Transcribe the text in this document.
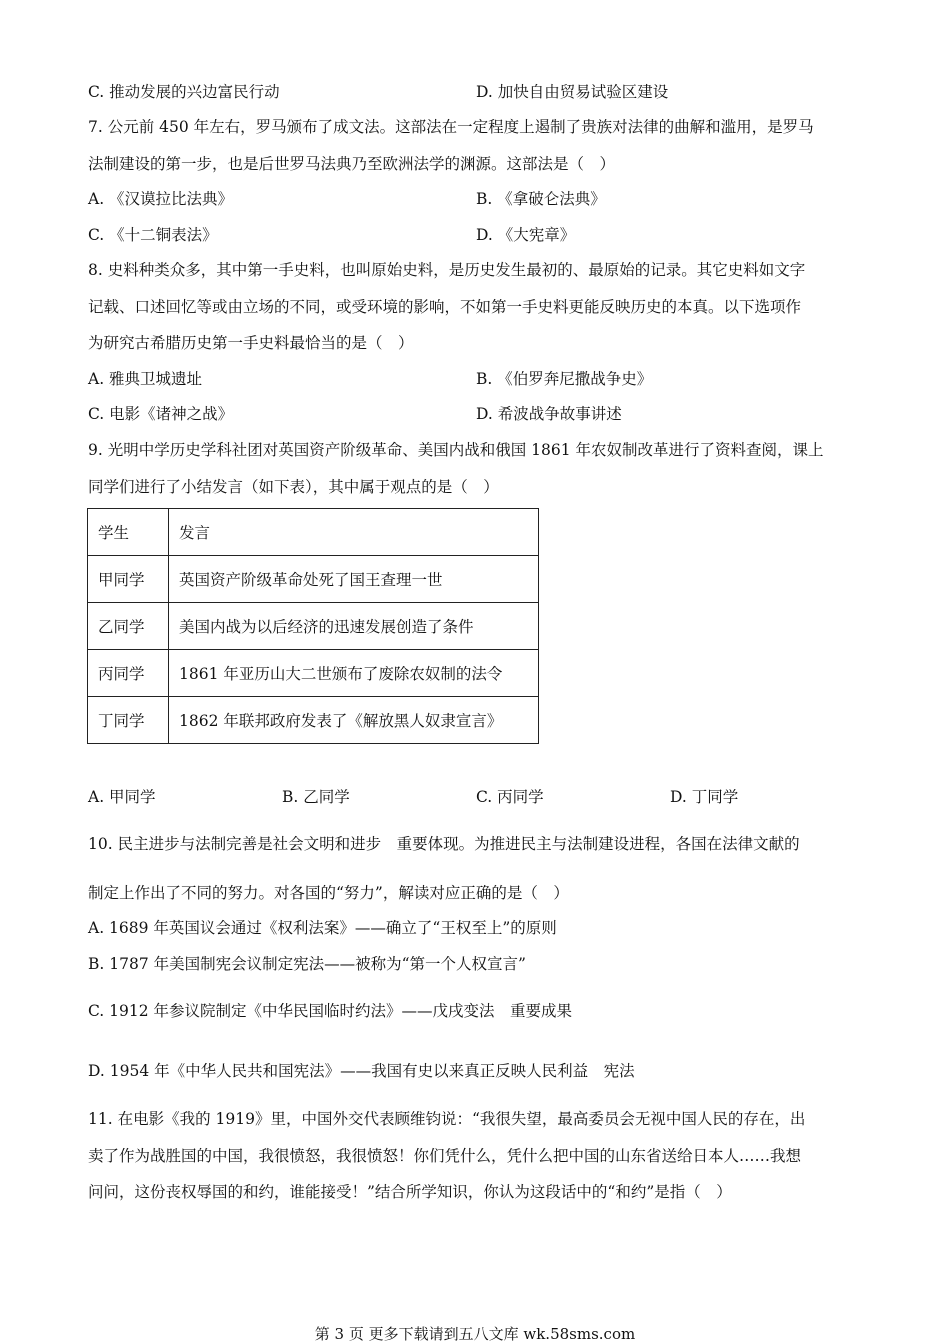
C. 推动发展的兴边富民行动	D. 加快自由贸易试验区建设
7. 公元前 450 年左右，罗马颁布了成文法。这部法在一定程度上遏制了贵族对法律的曲解和滥用，是罗马
法制建设的第一步，也是后世罗马法典乃至欧洲法学的渊源。这部法是（　）
A. 《汉谟拉比法典》	B. 《拿破仑法典》
C. 《十二铜表法》	D. 《大宪章》
8. 史料种类众多，其中第一手史料，也叫原始史料，是历史发生最初的、最原始的记录。其它史料如文字
记载、口述回忆等或由立场的不同，或受环境的影响，不如第一手史料更能反映历史的本真。以下选项作
为研究古希腊历史第一手史料最恰当的是（　）
A. 雅典卫城遗址	B. 《伯罗奔尼撒战争史》
C. 电影《诸神之战》	D. 希波战争故事讲述
9. 光明中学历史学科社团对英国资产阶级革命、美国内战和俄国 1861 年农奴制改革进行了资料查阅，课上
同学们进行了小结发言（如下表），其中属于观点的是（　）
学生	发言
甲同学	英国资产阶级革命处死了国王查理一世
乙同学	美国内战为以后经济的迅速发展创造了条件
丙同学	1861 年亚历山大二世颁布了废除农奴制的法令
丁同学	1862 年联邦政府发表了《解放黑人奴隶宣言》
A. 甲同学	B. 乙同学	C. 丙同学	D. 丁同学
10. 民主进步与法制完善是社会文明和进步　重要体现。为推进民主与法制建设进程，各国在法律文献的
制定上作出了不同的努力。对各国的“努力”，解读对应正确的是（　）
A. 1689 年英国议会通过《权利法案》——确立了“王权至上”的原则
B. 1787 年美国制宪会议制定宪法——被称为“第一个人权宣言”
C. 1912 年参议院制定《中华民国临时约法》——戊戌变法　重要成果
D. 1954 年《中华人民共和国宪法》——我国有史以来真正反映人民利益　宪法
11. 在电影《我的 1919》里，中国外交代表顾维钧说：“我很失望，最高委员会无视中国人民的存在，出
卖了作为战胜国的中国，我很愤怒，我很愤怒！你们凭什么，凭什么把中国的山东省送给日本人……我想
问问，这份丧权辱国的和约，谁能接受！”结合所学知识，你认为这段话中的“和约”是指（　）
第 3 页 更多下载请到五八文库 wk.58sms.com
